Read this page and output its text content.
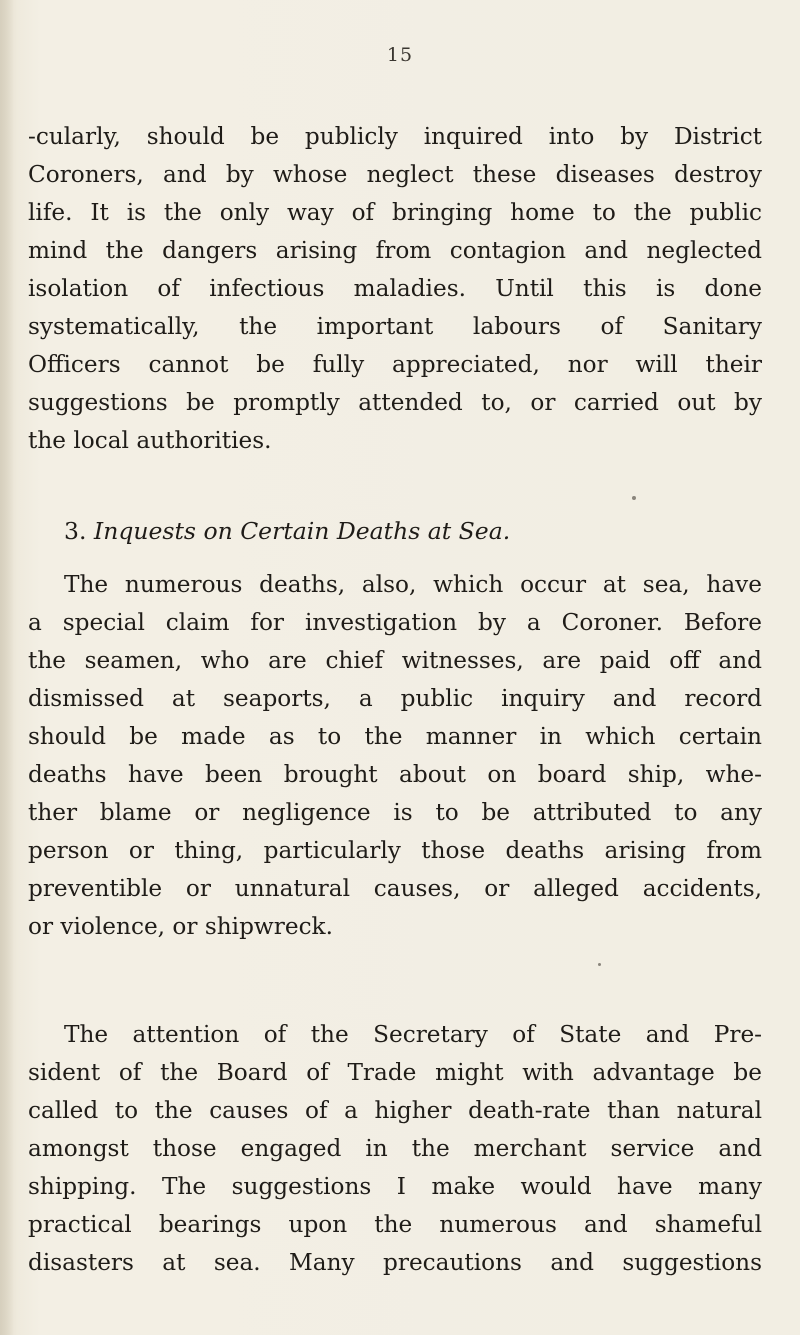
15
-cularly, should be publicly inquired into by District
Coroners, and by whose neglect these diseases destroy
life. It is the only way of bringing home to the public
mind the dangers arising from contagion and neglected
isolation of infectious maladies. Until this is done
systematically, the important labours of Sanitary
Officers cannot be fully appreciated, nor will their
suggestions be promptly attended to, or carried out by
the local authorities.
3. Inquests on Certain Deaths at Sea.
The numerous deaths, also, which occur at sea, have
a special claim for investigation by a Coroner. Before
the seamen, who are chief witnesses, are paid off and
dismissed at seaports, a public inquiry and record
should be made as to the manner in which certain
deaths have been brought about on board ship, whe-
ther blame or negligence is to be attributed to any
person or thing, particularly those deaths arising from
preventible or unnatural causes, or alleged accidents,
or violence, or shipwreck.
The attention of the Secretary of State and Pre-
sident of the Board of Trade might with advantage be
called to the causes of a higher death-rate than natural
amongst those engaged in the merchant service and
shipping. The suggestions I make would have many
practical bearings upon the numerous and shameful
disasters at sea. Many precautions and suggestions
